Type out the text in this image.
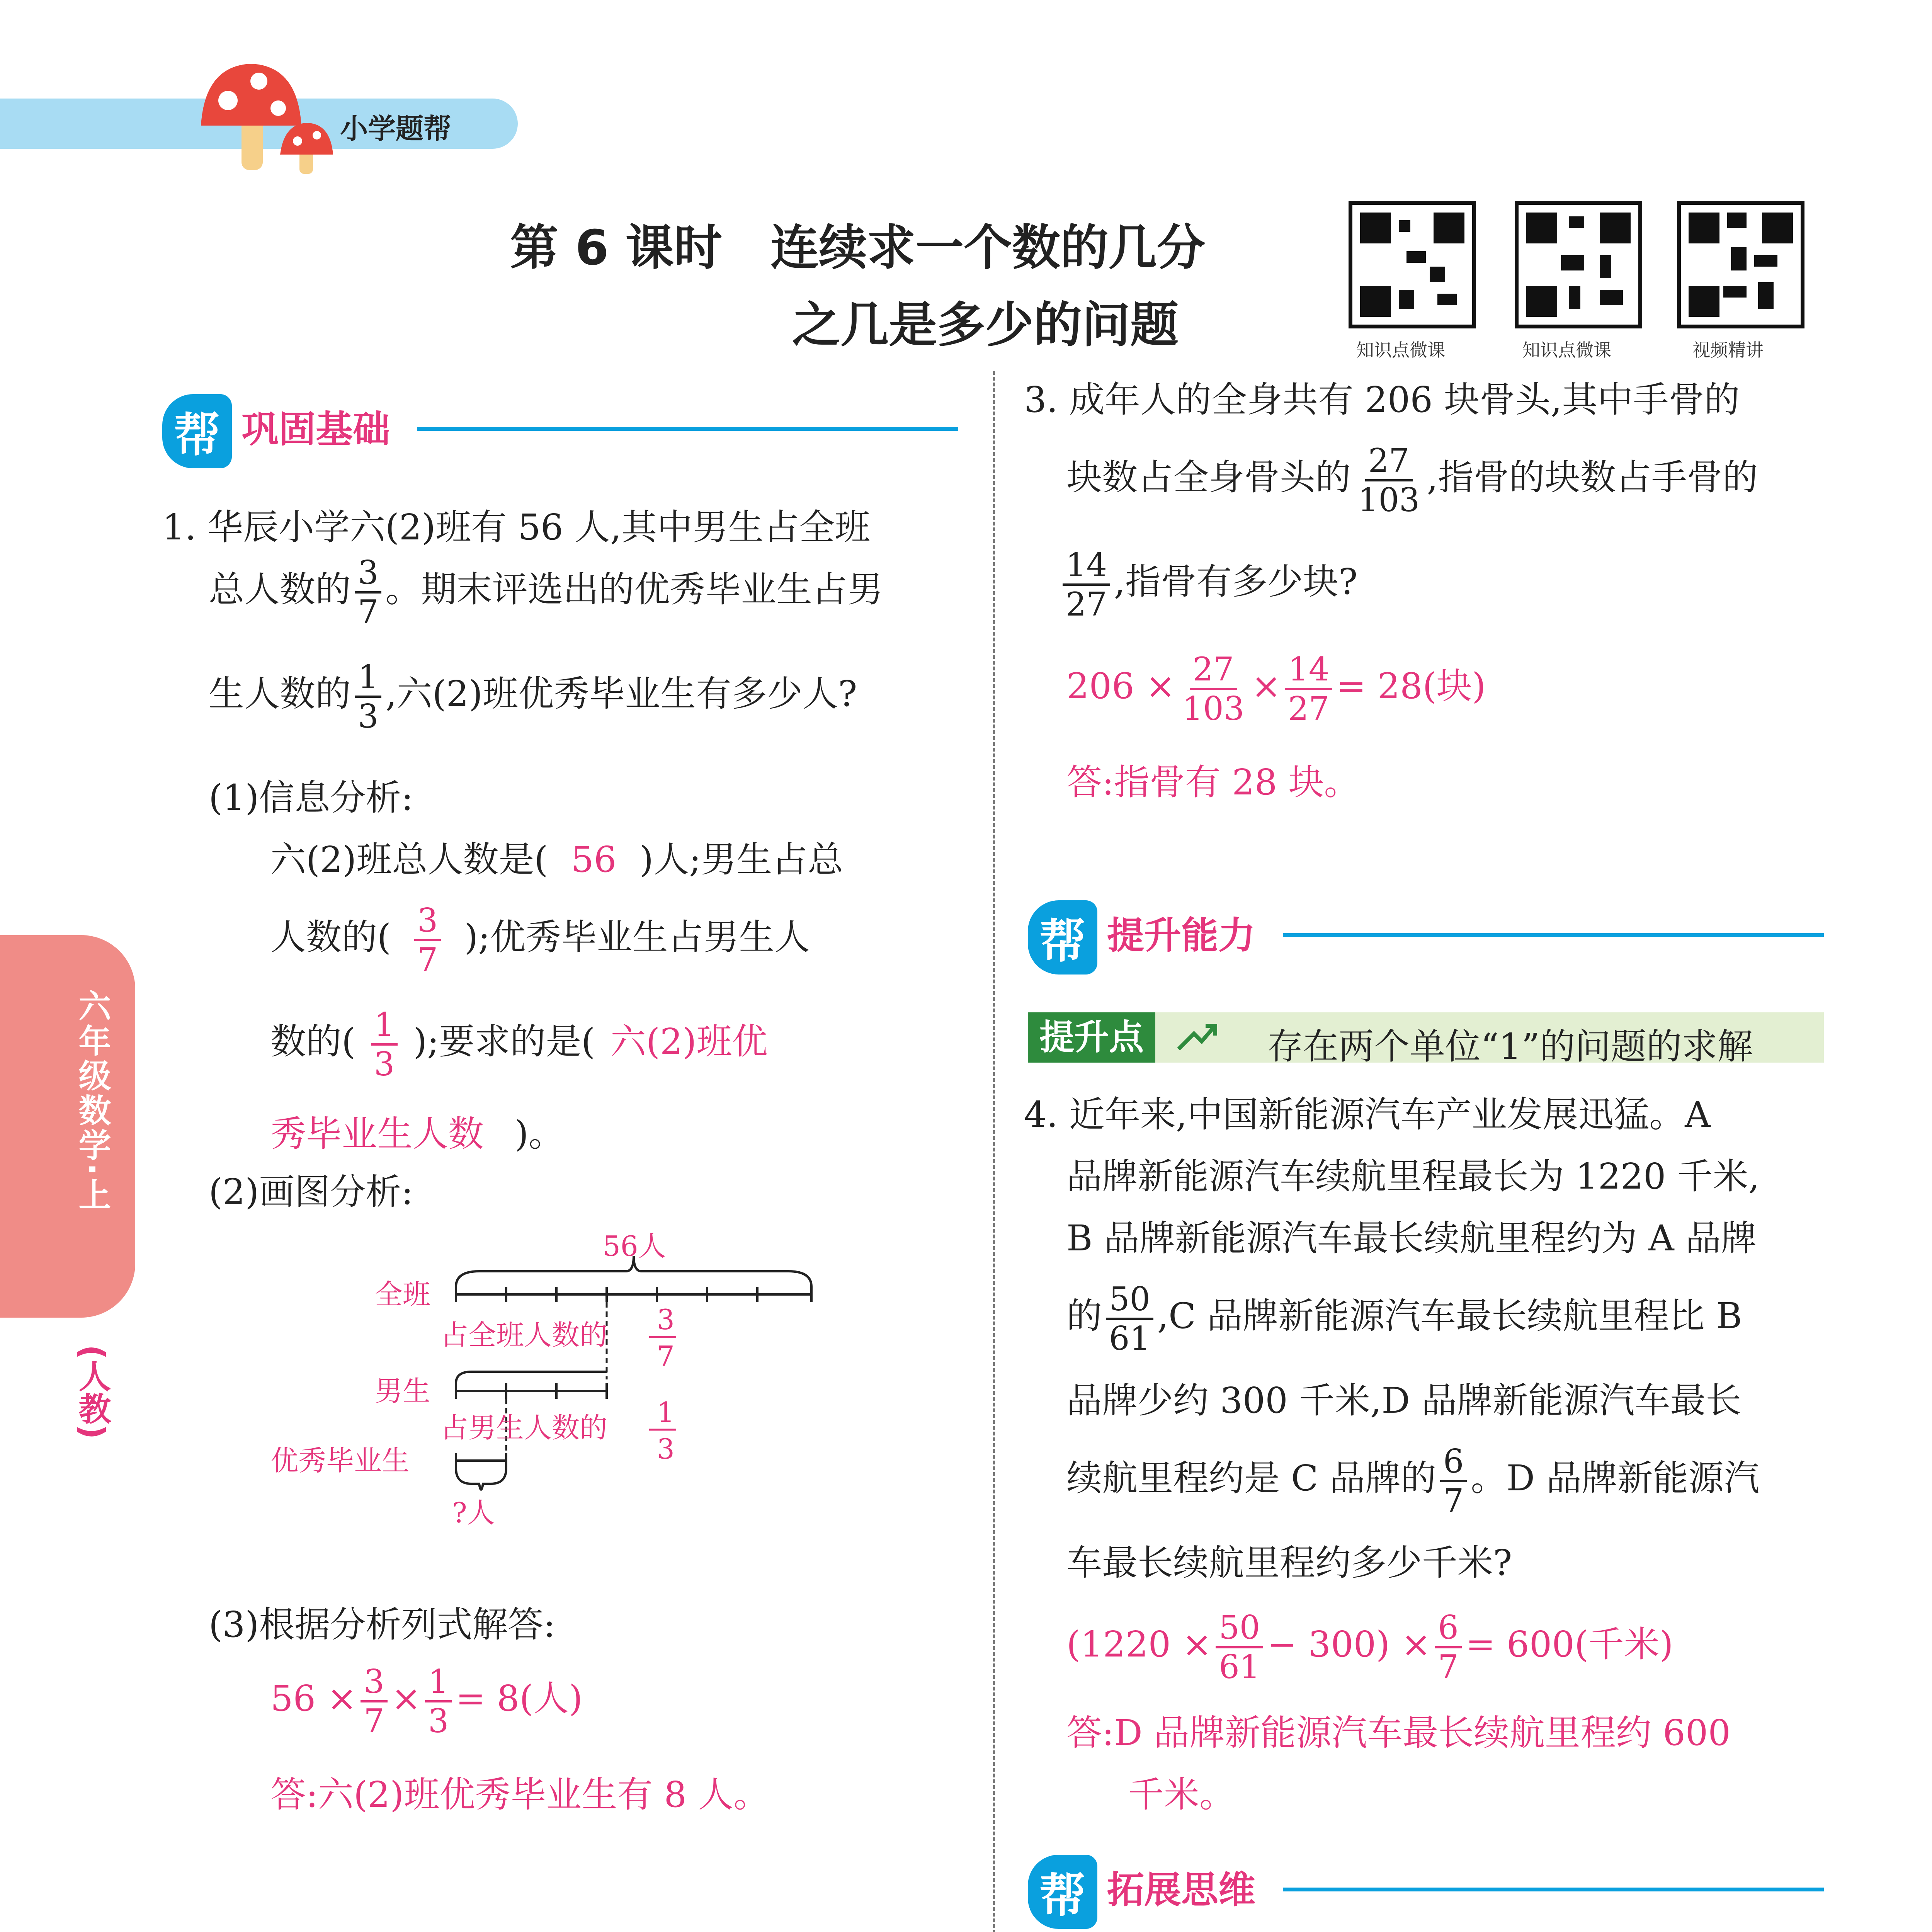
小学题帮
六年级数学·上
(人教)
第 6 课时　连续求一个数的几分
之几是多少的问题	知识点微课	知识点微课	视频精讲
帮 巩固基础
1. 华辰小学六(2)班有 56 人,其中男生占全班
总人数的 $\frac{3}{7}$ 。期末评选出的优秀毕业生占男
生人数的 $\frac{1}{3}$ ,六(2)班优秀毕业生有多少人?
(1)信息分析:
六(2)班总人数是( 56 )人;男生占总
人数的( $\frac{3}{7}$ );优秀毕业生占男生人
数的( $\frac{1}{3}$ );要求的是( 六(2)班优
秀毕业生人数 )。
(2)画图分析:
56人
全班
占全班人数的 3
7
男生
占男生人数的 1
3
优秀毕业生
?人
(3)根据分析列式解答:
$56 \times \frac{3}{7} \times \frac{1}{3} = 8$(人)
答:六(2)班优秀毕业生有 8 人。
3. 成年人的全身共有 206 块骨头,其中手骨的
块数占全身骨头的 $\frac{27}{103}$ ,指骨的块数占手骨的
$\frac{14}{27}$ ,指骨有多少块?
$206 \times \frac{27}{103} \times \frac{14}{27} = 28$(块)
答:指骨有 28 块。
帮 提升能力
提升点	存在两个单位“1”的问题的求解
4. 近年来,中国新能源汽车产业发展迅猛。A
品牌新能源汽车续航里程最长为 1220 千米,
B 品牌新能源汽车最长续航里程约为 A 品牌
的 $\frac{50}{61} ,C$ 品牌新能源汽车最长续航里程比 B
品牌少约 300 千米,D 品牌新能源汽车最长
续航里程约是 C 品牌的 $\frac{6}{7}$ 。D 品牌新能源汽
车最长续航里程约多少千米?
$(1220 \times \frac{50}{61} - 300) \times \frac{6}{7} = 600$(千米)
答:D 品牌新能源汽车最长续航里程约 600
千米。
帮 拓展思维
